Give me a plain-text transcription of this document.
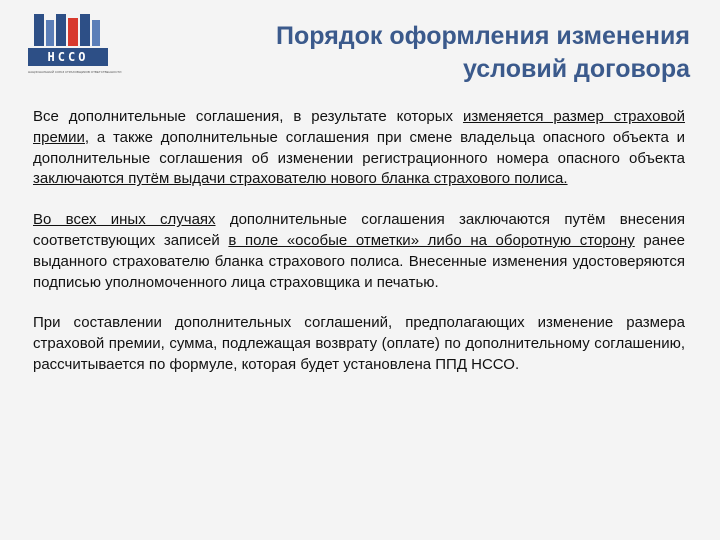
НССО
НАЦИОНАЛЬНЫЙ СОЮЗ СТРАХОВЩИКОВ ОТВЕТСТВЕННОСТИ
Порядок оформления изменения
условий договора

Все дополнительные соглашения, в результате которых изменяется размер страховой премии, а также дополнительные соглашения при смене владельца опасного объекта и дополнительные соглашения об изменении регистрационного номера опасного объекта заключаются путём выдачи страхователю нового бланка страхового полиса.

Во всех иных случаях дополнительные соглашения заключаются путём внесения соответствующих записей в поле «особые отметки» либо на оборотную сторону ранее выданного страхователю бланка страхового полиса. Внесенные изменения удостоверяются подписью уполномоченного лица страховщика и печатью.

При составлении дополнительных соглашений, предполагающих изменение размера страховой премии, сумма, подлежащая возврату (оплате) по дополнительному соглашению, рассчитывается по формуле, которая будет установлена ППД НССО.
